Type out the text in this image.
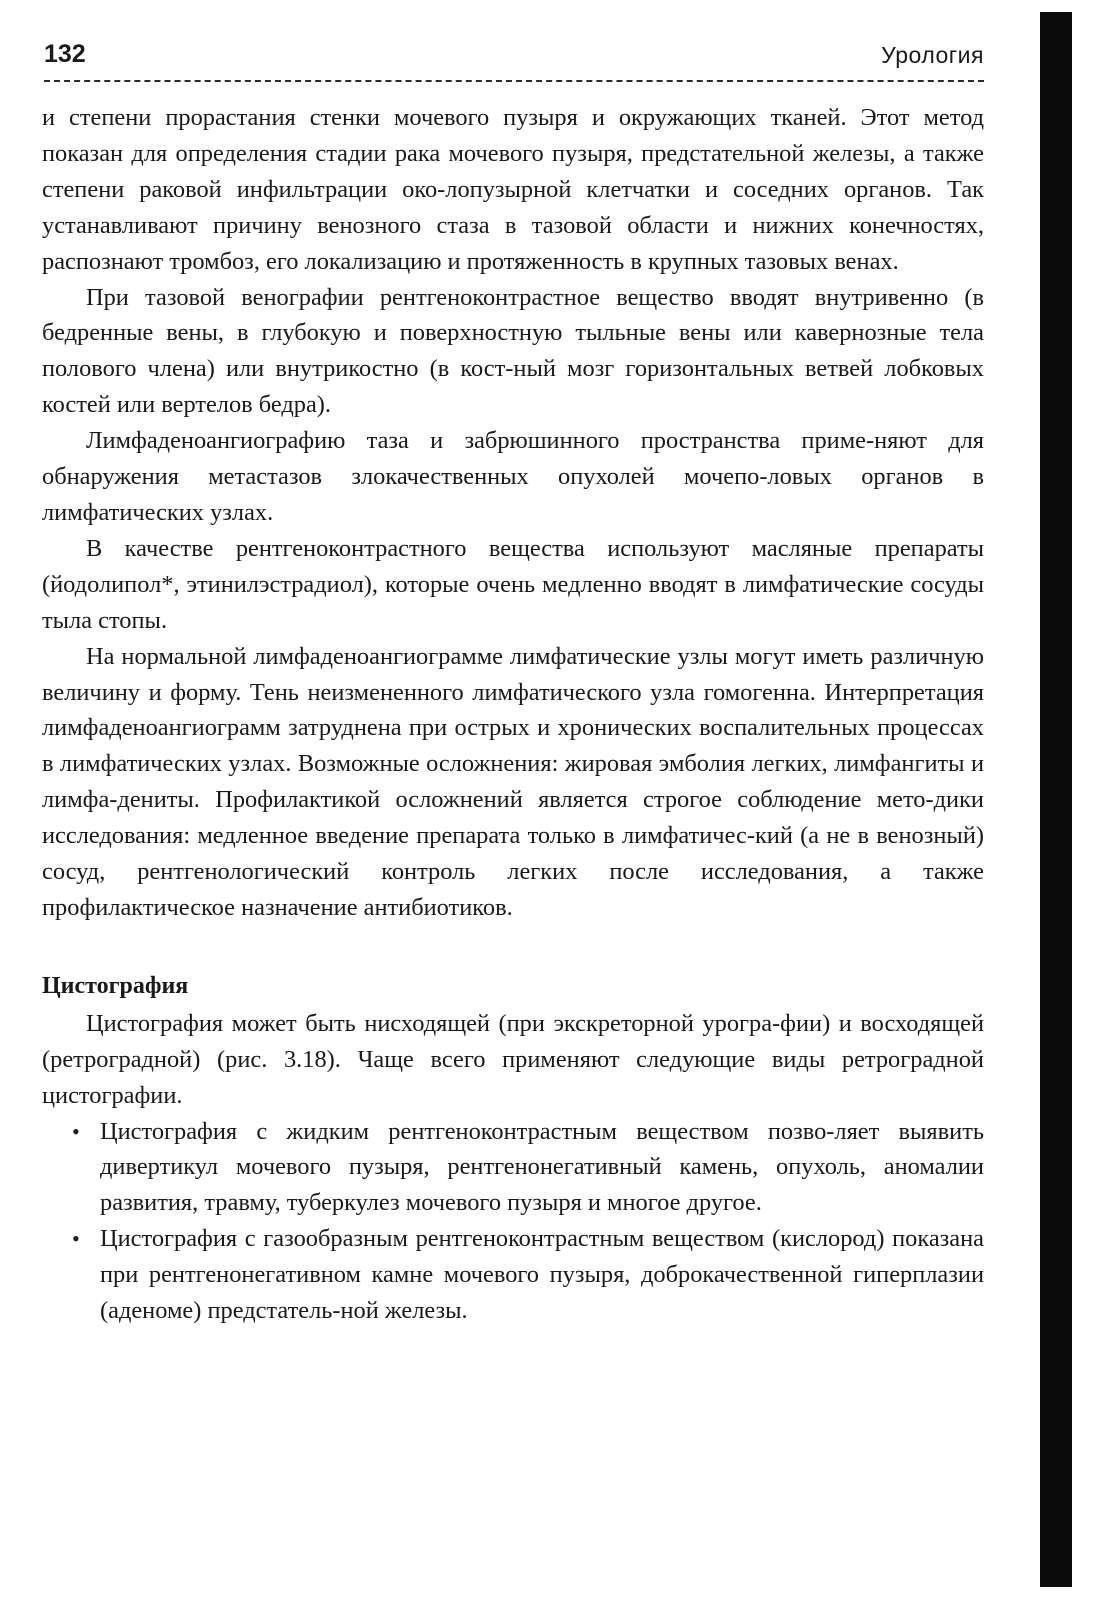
132	Урология

и степени прорастания стенки мочевого пузыря и окружающих тканей. Этот метод показан для определения стадии рака мочевого пузыря, предстательной железы, а также степени раковой инфильтрации око-лопузырной клетчатки и соседних органов. Так устанавливают причину венозного стаза в тазовой области и нижних конечностях, распознают тромбоз, его локализацию и протяженность в крупных тазовых венах.

При тазовой венографии рентгеноконтрастное вещество вводят внутривенно (в бедренные вены, в глубокую и поверхностную тыльные вены или кавернозные тела полового члена) или внутрикостно (в кост-ный мозг горизонтальных ветвей лобковых костей или вертелов бедра).

Лимфаденоангиографию таза и забрюшинного пространства приме-няют для обнаружения метастазов злокачественных опухолей мочепо-ловых органов в лимфатических узлах.

В качестве рентгеноконтрастного вещества используют масляные препараты (йодолипол*, этинилэстрадиол), которые очень медленно вводят в лимфатические сосуды тыла стопы.

На нормальной лимфаденоангиограмме лимфатические узлы могут иметь различную величину и форму. Тень неизмененного лимфатического узла гомогенна. Интерпретация лимфаденоангиограмм затруднена при острых и хронических воспалительных процессах в лимфатических узлах. Возможные осложнения: жировая эмболия легких, лимфангиты и лимфа-дениты. Профилактикой осложнений является строгое соблюдение мето-дики исследования: медленное введение препарата только в лимфатичес-кий (а не в венозный) сосуд, рентгенологический контроль легких после исследования, а также профилактическое назначение антибиотиков.

Цистография

Цистография может быть нисходящей (при экскреторной урогра-фии) и восходящей (ретроградной) (рис. 3.18). Чаще всего применяют следующие виды ретроградной цистографии.

• Цистография с жидким рентгеноконтрастным веществом позво-ляет выявить дивертикул мочевого пузыря, рентгенонегативный камень, опухоль, аномалии развития, травму, туберкулез мочевого пузыря и многое другое.
• Цистография с газообразным рентгеноконтрастным веществом (кислород) показана при рентгенонегативном камне мочевого пузыря, доброкачественной гиперплазии (аденоме) предстатель-ной железы.
